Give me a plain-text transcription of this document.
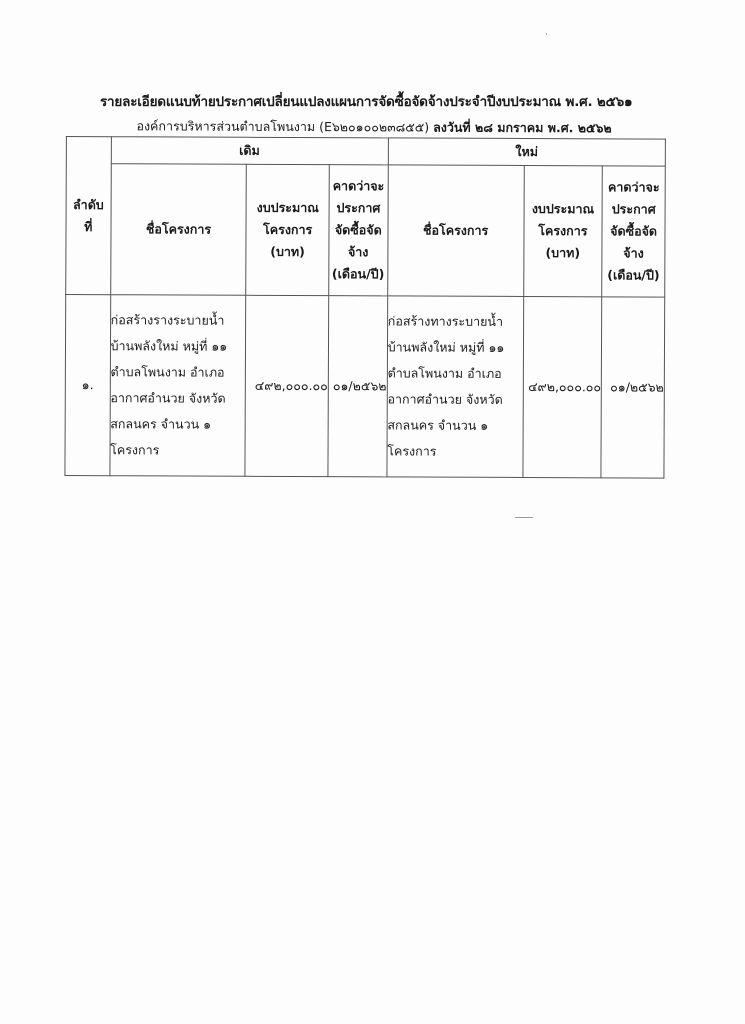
·
รายละเอียดแนบท้ายประกาศเปลี่ยนแปลงแผนการจัดซื้อจัดจ้างประจำปีงบประมาณ พ.ศ. ๒๕๖๑
องค์การบริหารส่วนตำบลโพนงาม (E๖๒๐๑๐๐๒๓๘๕๕) ลงวันที่ ๒๘ มกราคม พ.ศ. ๒๕๖๒						

ลำดับที่	เดิม			ใหม่		
	ชื่อโครงการ	งบประมาณโครงการ (บาท)	คาดว่าจะประกาศจัดซื้อจัดจ้าง (เดือน/ปี)	ชื่อโครงการ	งบประมาณโครงการ (บาท)	คาดว่าจะประกาศจัดซื้อจัดจ้าง (เดือน/ปี)
๑.	ก่อสร้างรางระบายน้ำ บ้านพลังใหม่ หมู่ที่ ๑๑ ตำบลโพนงาม อำเภออากาศอำนวย จังหวัดสกลนคร จำนวน ๑ โครงการ	๔๙๒,๐๐๐.๐๐	๐๑/๒๕๖๒	ก่อสร้างทางระบายน้ำ บ้านพลังใหม่ หมู่ที่ ๑๑ ตำบลโพนงาม อำเภออากาศอำนวย จังหวัดสกลนคร จำนวน ๑ โครงการ	๔๙๒,๐๐๐.๐๐	๐๑/๒๕๖๒
